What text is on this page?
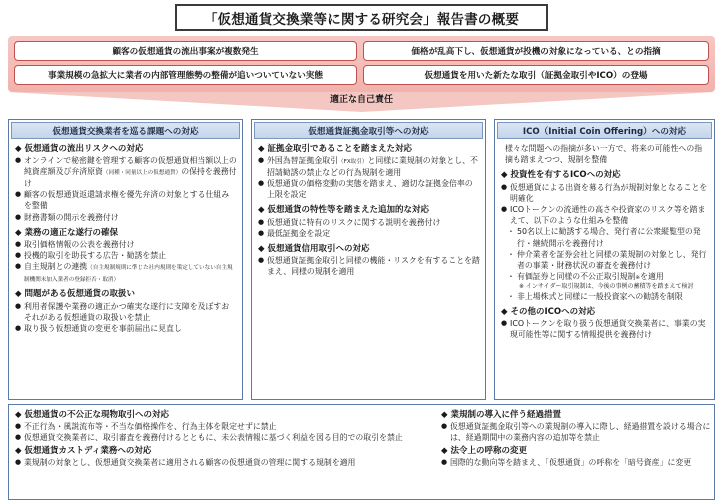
「仮想通貨交換業等に関する研究会」報告書の概要
顧客の仮想通貨の流出事案が複数発生	価格が乱高下し、仮想通貨が投機の対象になっている、との指摘
事業規模の急拡大に業者の内部管理態勢の整備が追いついていない実態	仮想通貨を用いた新たな取引（証拠金取引やICO）の登場
適正な自己責任
仮想通貨交換業者を巡る課題への対応
◆ 仮想通貨の流出リスクへの対応
● オンラインで秘密鍵を管理する顧客の仮想通貨相当額以上の純資産額及び弁済原資（同種・同量以上の仮想通貨）の保持を義務付け
● 顧客の仮想通貨返還請求権を優先弁済の対象とする仕組みを整備
● 財務書類の開示を義務付け
◆ 業務の適正な遂行の確保
● 取引価格情報の公表を義務付け
● 投機的取引を助長する広告・勧誘を禁止
● 自主規制との連携（自主規制規則に準じた社内規則を策定していない自主規制機関未加入業者の登録拒否・取消）
◆ 問題がある仮想通貨の取扱い
● 利用者保護や業務の適正かつ確実な遂行に支障を及ぼすおそれがある仮想通貨の取扱いを禁止
● 取り扱う仮想通貨の変更を事前届出に見直し
仮想通貨証拠金取引等への対応
◆ 証拠金取引であることを踏まえた対応
● 外国為替証拠金取引（FX取引）と同様に業規制の対象とし、不招請勧誘の禁止などの行為規制を適用
● 仮想通貨の価格変動の実態を踏まえ、適切な証拠金倍率の上限を設定
◆ 仮想通貨の特性等を踏まえた追加的な対応
● 仮想通貨に特有のリスクに関する説明を義務付け
● 最低証拠金を設定
◆ 仮想通貨信用取引への対応
● 仮想通貨証拠金取引と同様の機能・リスクを有することを踏まえ、同様の規制を適用
ICO（Initial Coin Offering）への対応
様々な問題への指摘が多い一方で、将来の可能性への指摘も踏まえつつ、規制を整備
◆ 投資性を有するICOへの対応
● 仮想通貨による出資を募る行為が規制対象となることを明確化
● ICOトークンの流通性の高さや投資家のリスク等を踏まえて、以下のような仕組みを整備
・ 50名以上に勧誘する場合、発行者に公衆縦覧型の発行・継続開示を義務付け
・ 仲介業者を証券会社と同様の業規制の対象とし、発行者の事業・財務状況の審査を義務付け
・ 有価証券と同様の不公正取引規制※を適用
※ インサイダー取引規制は、今後の事例の蓄積等を踏まえて検討
・ 非上場株式と同様に一般投資家への勧誘を制限
◆ その他のICOへの対応
● ICOトークンを取り扱う仮想通貨交換業者に、事業の実現可能性等に関する情報提供を義務付け
◆ 仮想通貨の不公正な現物取引への対応
● 不正行為・風説流布等・不当な価格操作を、行為主体を限定せずに禁止
● 仮想通貨交換業者に、取引審査を義務付けるとともに、未公表情報に基づく利益を図る目的での取引を禁止
◆ 仮想通貨カストディ業務への対応
● 業規制の対象とし、仮想通貨交換業者に適用される顧客の仮想通貨の管理に関する規制を適用
◆ 業規制の導入に伴う経過措置
● 仮想通貨証拠金取引等への業規制の導入に際し、経過措置を設ける場合には、経過期間中の業務内容の追加等を禁止
◆ 法令上の呼称の変更
● 国際的な動向等を踏まえ、「仮想通貨」の呼称を「暗号資産」に変更
